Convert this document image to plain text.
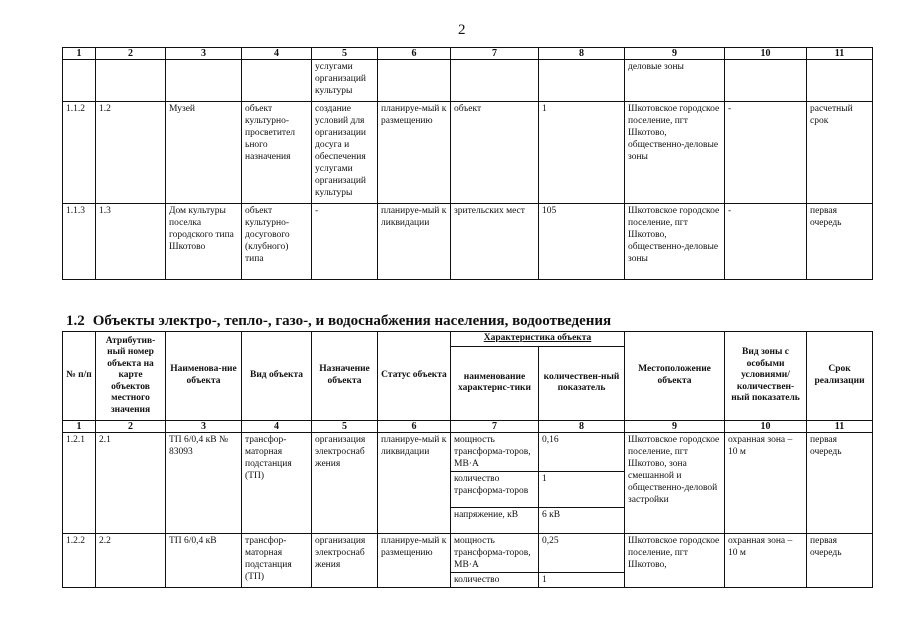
2
1	2	3	4	5	6	7	8	9	10	11
				услугами организаций культуры				деловые зоны		
1.1.2	1.2	Музей	объект культурно-просветител ьного назначения	создание условий для организации досуга и обеспечения услугами организаций культуры	планируе-мый к размещению	объект	1	Шкотовское городское поселение, пгт Шкотово, общественно-деловые зоны	-	расчетный срок
1.1.3	1.3	Дом культуры поселка городского типа Шкотово	объект культурно-досугового (клубного) типа	-	планируе-мый к ликвидации	зрительских мест	105	Шкотовское городское поселение, пгт Шкотово, общественно-деловые зоны	-	первая очередь
1.2 Объекты электро-, тепло-, газо-, и водоснабжения населения, водоотведения
№ п/п	Атрибутив-ный номер объекта на карте объектов местного значения	Наименова-ние объекта	Вид объекта	Назначение объекта	Статус объекта	Характеристика объекта		Местоположение объекта	Вид зоны с особыми условиями/ количествен-ный показатель	Срок реализации
						наименование характерис-тики	количествен-ный показатель			
1	2	3	4	5	6	7	8	9	10	11
1.2.1	2.1	ТП 6/0,4 кВ № 83093	трансфор-маторная подстанция (ТП)	организация электроснаб жения	планируе-мый к ликвидации	мощность трансформа-торов, МВ·А	0,16	Шкотовское городское поселение, пгт Шкотово, зона смешанной и общественно-деловой застройки	охранная зона – 10 м	первая очередь
						количество трансформа-торов	1			
						напряжение, кВ	6 кВ			
1.2.2	2.2	ТП 6/0,4 кВ	трансфор-маторная подстанция (ТП)	организация электроснаб жения	планируе-мый к размещению	мощность трансформа-торов, МВ·А	0,25	Шкотовское городское поселение, пгт Шкотово,	охранная зона – 10 м	первая очередь
						количество	1			
